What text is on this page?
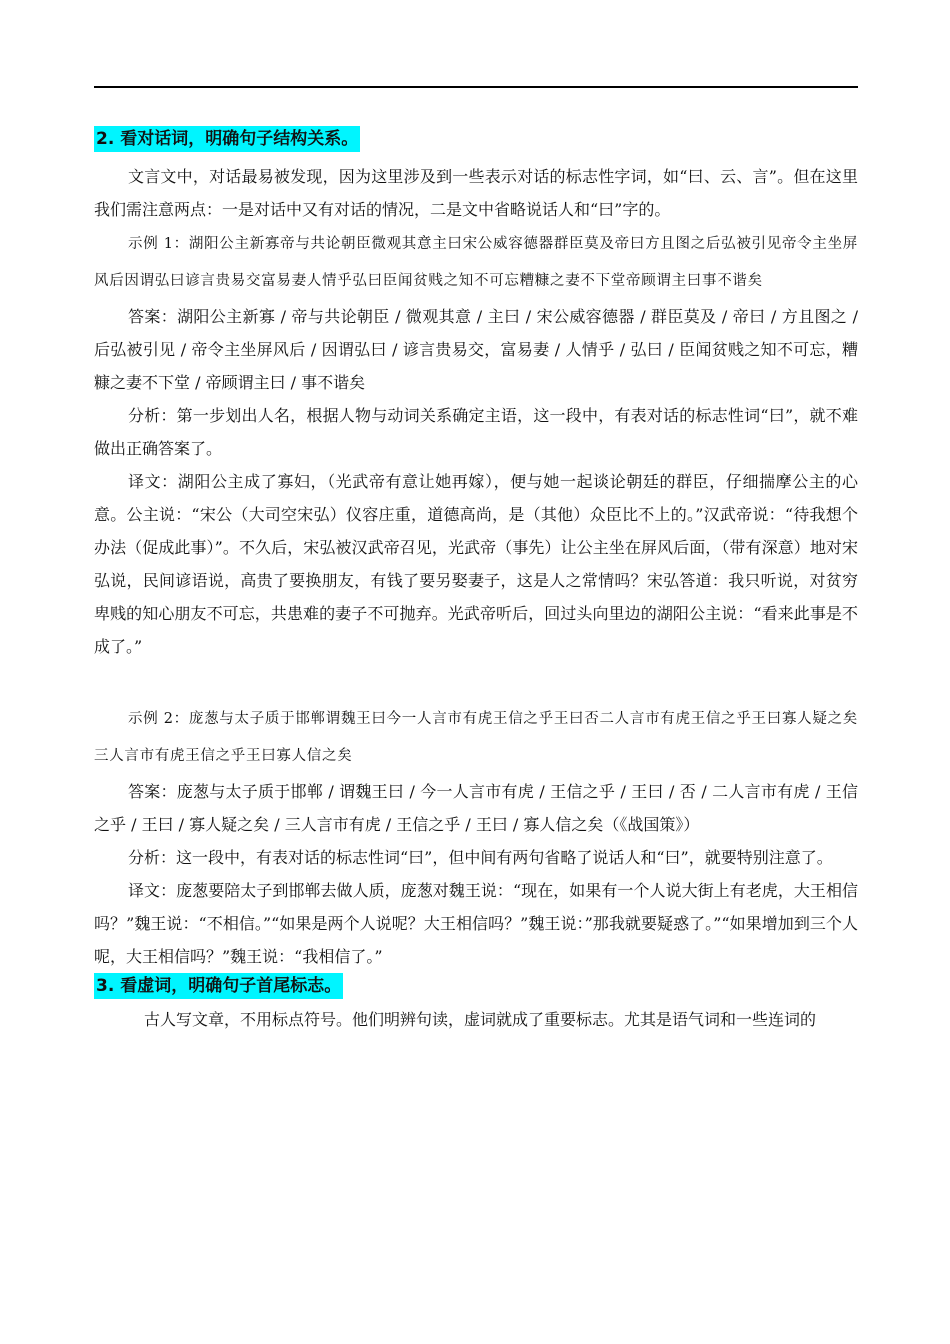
2. 看对话词，明确句子结构关系。

文言文中，对话最易被发现，因为这里涉及到一些表示对话的标志性字词，如“曰、云、言”。但在这里我们需注意两点：一是对话中又有对话的情况，二是文中省略说话人和“曰”字的。

示例 1：湖阳公主新寡帝与共论朝臣微观其意主曰宋公威容德器群臣莫及帝曰方且图之后弘被引见帝令主坐屏风后因谓弘曰谚言贵易交富易妻人情乎弘曰臣闻贫贱之知不可忘糟糠之妻不下堂帝顾谓主曰事不谐矣

答案：湖阳公主新寡 / 帝与共论朝臣 / 微观其意 / 主曰 / 宋公威容德器 / 群臣莫及 / 帝曰 / 方且图之 / 后弘被引见 / 帝令主坐屏风后 / 因谓弘曰 / 谚言贵易交，富易妻 / 人情乎 / 弘曰 / 臣闻贫贱之知不可忘，糟糠之妻不下堂 / 帝顾谓主曰 / 事不谐矣

分析：第一步划出人名，根据人物与动词关系确定主语，这一段中，有表对话的标志性词“曰”，就不难做出正确答案了。

译文：湖阳公主成了寡妇，（光武帝有意让她再嫁），便与她一起谈论朝廷的群臣，仔细揣摩公主的心意。公主说：“宋公（大司空宋弘）仪容庄重，道德高尚，是（其他）众臣比不上的。”汉武帝说：“待我想个办法（促成此事）”。不久后，宋弘被汉武帝召见，光武帝（事先）让公主坐在屏风后面，（带有深意）地对宋弘说，民间谚语说，高贵了要换朋友，有钱了要另娶妻子，这是人之常情吗？宋弘答道：我只听说，对贫穷卑贱的知心朋友不可忘，共患难的妻子不可抛弃。光武帝听后，回过头向里边的湖阳公主说：“看来此事是不成了。”

示例 2：庞葱与太子质于邯郸谓魏王曰今一人言市有虎王信之乎王曰否二人言市有虎王信之乎王曰寡人疑之矣三人言市有虎王信之乎王曰寡人信之矣

答案：庞葱与太子质于邯郸 / 谓魏王曰 / 今一人言市有虎 / 王信之乎 / 王曰 / 否 / 二人言市有虎 / 王信之乎 / 王曰 / 寡人疑之矣 / 三人言市有虎 / 王信之乎 / 王曰 / 寡人信之矣（《战国策》）

分析：这一段中，有表对话的标志性词“曰”，但中间有两句省略了说话人和“曰”，就要特别注意了。

译文：庞葱要陪太子到邯郸去做人质，庞葱对魏王说：“现在，如果有一个人说大街上有老虎，大王相信吗？”魏王说：“不相信。”“如果是两个人说呢？大王相信吗？”魏王说：”那我就要疑惑了。”“如果增加到三个人呢，大王相信吗？”魏王说：“我相信了。”

3. 看虚词，明确句子首尾标志。

古人写文章，不用标点符号。他们明辨句读，虚词就成了重要标志。尤其是语气词和一些连词的
